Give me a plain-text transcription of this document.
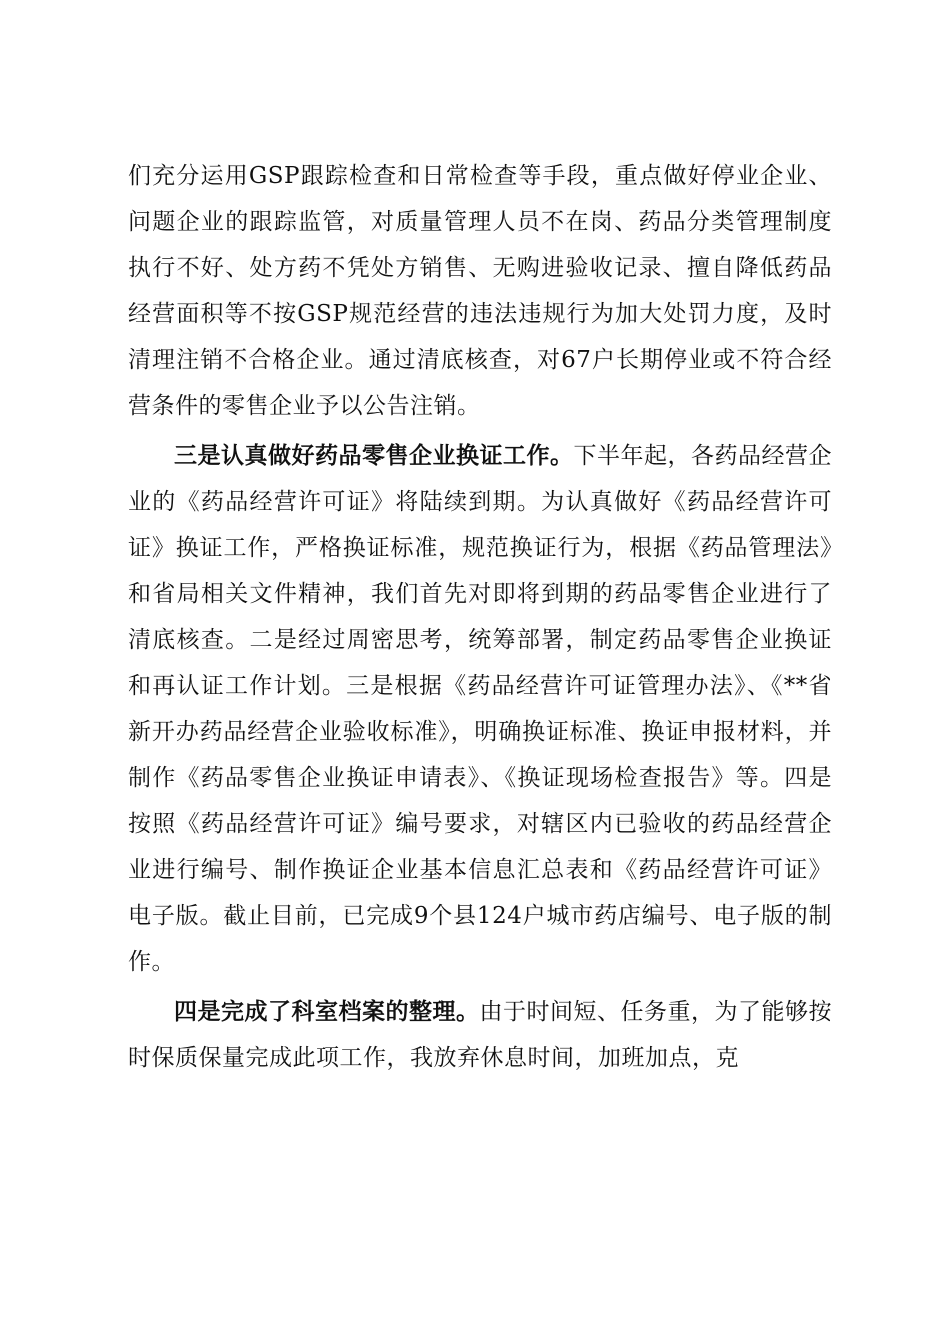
们充分运用GSP跟踪检查和日常检查等手段，重点做好停业企业、问题企业的跟踪监管，对质量管理人员不在岗、药品分类管理制度执行不好、处方药不凭处方销售、无购进验收记录、擅自降低药品经营面积等不按GSP规范经营的违法违规行为加大处罚力度，及时清理注销不合格企业。通过清底核查，对67户长期停业或不符合经营条件的零售企业予以公告注销。

三是认真做好药品零售企业换证工作。下半年起，各药品经营企业的《药品经营许可证》将陆续到期。为认真做好《药品经营许可证》换证工作，严格换证标准，规范换证行为，根据《药品管理法》和省局相关文件精神，我们首先对即将到期的药品零售企业进行了清底核查。二是经过周密思考，统筹部署，制定药品零售企业换证和再认证工作计划。三是根据《药品经营许可证管理办法》、《**省新开办药品经营企业验收标准》，明确换证标准、换证申报材料，并制作《药品零售企业换证申请表》、《换证现场检查报告》等。四是按照《药品经营许可证》编号要求，对辖区内已验收的药品经营企业进行编号、制作换证企业基本信息汇总表和《药品经营许可证》电子版。截止目前，已完成9个县124户城市药店编号、电子版的制作。

四是完成了科室档案的整理。由于时间短、任务重，为了能够按时保质保量完成此项工作，我放弃休息时间，加班加点，克
